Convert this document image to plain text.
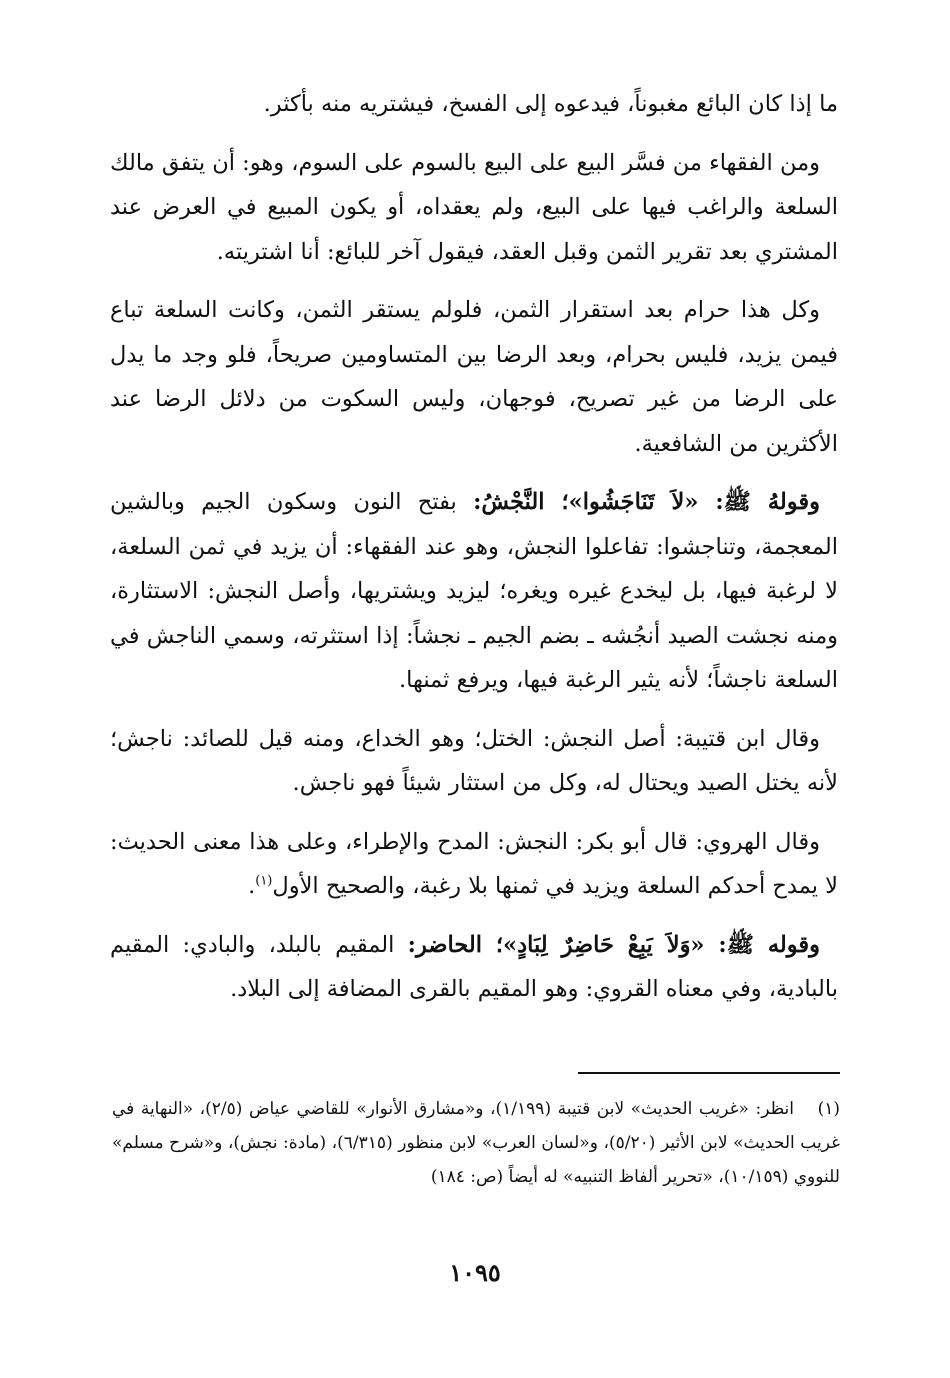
ما إذا كان البائع مغبوناً، فيدعوه إلى الفسخ، فيشتريه منه بأكثر.

ومن الفقهاء من فسَّر البيع على البيع بالسوم على السوم، وهو: أن يتفق مالك السلعة والراغب فيها على البيع، ولم يعقداه، أو يكون المبيع في العرض عند المشتري بعد تقرير الثمن وقبل العقد، فيقول آخر للبائع: أنا اشتريته.

وكل هذا حرام بعد استقرار الثمن، فلولم يستقر الثمن، وكانت السلعة تباع فيمن يزيد، فليس بحرام، وبعد الرضا بين المتساومين صريحاً، فلو وجد ما يدل على الرضا من غير تصريح، فوجهان، وليس السكوت من دلائل الرضا عند الأكثرين من الشافعية.

وقولهُ ﷺ: «لاَ تَنَاجَشُوا»؛ النَّجْشُ: بفتح النون وسكون الجيم وبالشين المعجمة، وتناجشوا: تفاعلوا النجش، وهو عند الفقهاء: أن يزيد في ثمن السلعة، لا لرغبة فيها، بل ليخدع غيره ويغره؛ ليزيد ويشتريها، وأصل النجش: الاستثارة، ومنه نجشت الصيد أنجُشه ـ بضم الجيم ـ نجشاً: إذا استثرته، وسمي الناجش في السلعة ناجشاً؛ لأنه يثير الرغبة فيها، ويرفع ثمنها.

وقال ابن قتيبة: أصل النجش: الختل؛ وهو الخداع، ومنه قيل للصائد: ناجش؛ لأنه يختل الصيد ويحتال له، وكل من استثار شيئاً فهو ناجش.

وقال الهروي: قال أبو بكر: النجش: المدح والإطراء، وعلى هذا معنى الحديث: لا يمدح أحدكم السلعة ويزيد في ثمنها بلا رغبة، والصحيح الأول$^{(١)}$.

وقوله ﷺ: «وَلاَ يَبِعْ حَاضِرٌ لِبَادٍ»؛ الحاضر: المقيم بالبلد، والبادي: المقيم بالبادية، وفي معناه القروي: وهو المقيم بالقرى المضافة إلى البلاد.

(١)انظر: «غريب الحديث» لابن قتيبة (١/١٩٩)، و«مشارق الأنوار» للقاضي عياض (٢/٥)، «النهاية في غريب الحديث» لابن الأثير (٥/٢٠)، و«لسان العرب» لابن منظور (٦/٣١٥)، (مادة: نجش)، و«شرح مسلم» للنووي (١٠/١٥٩)، «تحرير ألفاظ التنبيه» له أيضاً (ص: ١٨٤)
١٠٩٥
